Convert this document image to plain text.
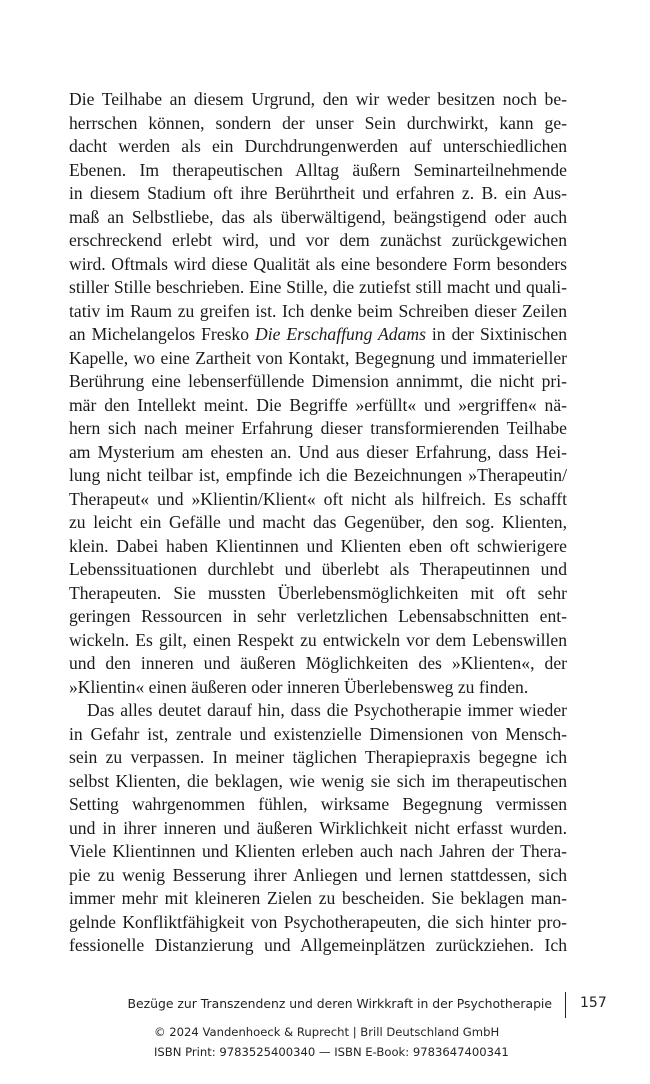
Die Teilhabe an diesem Urgrund, den wir weder besitzen noch be-
herrschen können, sondern der unser Sein durchwirkt, kann ge-
dacht werden als ein Durchdrungenwerden auf unterschiedlichen
Ebenen. Im therapeutischen Alltag äußern Seminarteilnehmende
in diesem Stadium oft ihre Berührtheit und erfahren z. B. ein Aus-
maß an Selbstliebe, das als überwältigend, beängstigend oder auch
erschreckend erlebt wird, und vor dem zunächst zurückgewichen
wird. Oftmals wird diese Qualität als eine besondere Form besonders
stiller Stille beschrieben. Eine Stille, die zutiefst still macht und quali-
tativ im Raum zu greifen ist. Ich denke beim Schreiben dieser Zeilen
an Michelangelos Fresko Die Erschaffung Adams in der Sixtinischen
Kapelle, wo eine Zartheit von Kontakt, Begegnung und immaterieller
Berührung eine lebenserfüllende Dimension annimmt, die nicht pri-
mär den Intellekt meint. Die Begriffe »erfüllt« und »ergriffen« nä-
hern sich nach meiner Erfahrung dieser transformierenden Teilhabe
am Mysterium am ehesten an. Und aus dieser Erfahrung, dass Hei-
lung nicht teilbar ist, empfinde ich die Bezeichnungen »Therapeutin/
Therapeut« und »Klientin/Klient« oft nicht als hilfreich. Es schafft
zu leicht ein Gefälle und macht das Gegenüber, den sog. Klienten,
klein. Dabei haben Klientinnen und Klienten eben oft schwierigere
Lebenssituationen durchlebt und überlebt als Therapeutinnen und
Therapeuten. Sie mussten Überlebensmöglichkeiten mit oft sehr
geringen Ressourcen in sehr verletzlichen Lebensabschnitten ent-
wickeln. Es gilt, einen Respekt zu entwickeln vor dem Lebenswillen
und den inneren und äußeren Möglichkeiten des »Klienten«, der
»Klientin« einen äußeren oder inneren Überlebensweg zu finden.
Das alles deutet darauf hin, dass die Psychotherapie immer wieder
in Gefahr ist, zentrale und existenzielle Dimensionen von Mensch-
sein zu verpassen. In meiner täglichen Therapiepraxis begegne ich
selbst Klienten, die beklagen, wie wenig sie sich im therapeutischen
Setting wahrgenommen fühlen, wirksame Begegnung vermissen
und in ihrer inneren und äußeren Wirklichkeit nicht erfasst wurden.
Viele Klientinnen und Klienten erleben auch nach Jahren der Thera-
pie zu wenig Besserung ihrer Anliegen und lernen stattdessen, sich
immer mehr mit kleineren Zielen zu bescheiden. Sie beklagen man-
gelnde Konfliktfähigkeit von Psychotherapeuten, die sich hinter pro-
fessionelle Distanzierung und Allgemeinplätzen zurückziehen. Ich
Bezüge zur Transzendenz und deren Wirkkraft in der Psychotherapie 157
© 2024 Vandenhoeck & Ruprecht | Brill Deutschland GmbH
ISBN Print: 9783525400340 — ISBN E-Book: 9783647400341
